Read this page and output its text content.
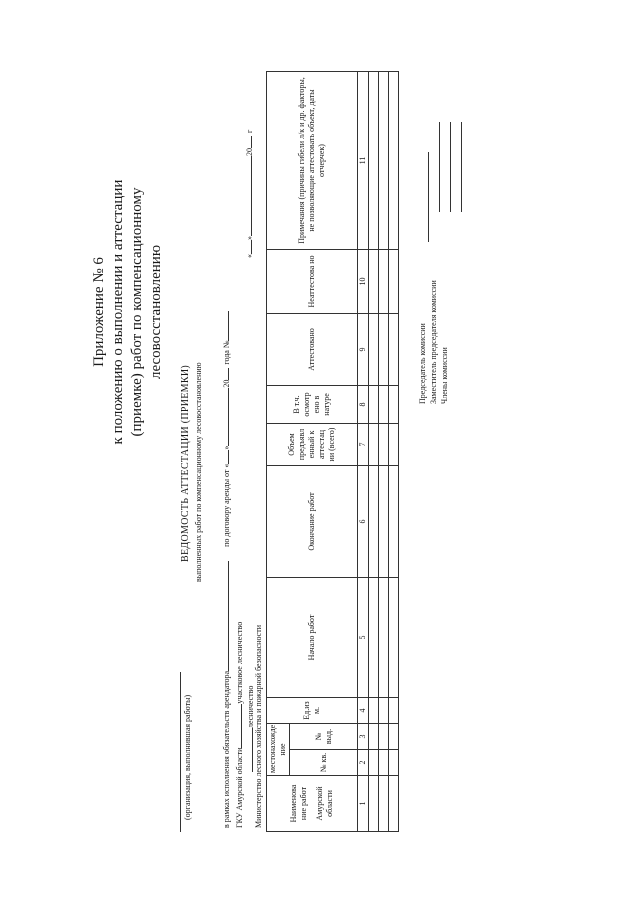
Приложение № 6 к положению о выполнении и аттестации (приемке) работ по компенсационному лесовосстановлению
(организация, выполнившая работы)
ВЕДОМОСТЬ АТТЕСТАЦИИ (ПРИЕМКИ) выполненных работ по компенсационному лесовосстановлению
в рамках исполнения обязательств арендаторапо договору аренды от «»20года №
«»20г
ГКУ Амурской областиучастковое лесничество
лесничество Министерство лесного хозяйства и пожарной безопасности	Наименова ние работ Амурской области	местонахожде ние		Ед.из м.	Начало работ	Окончание работ	Объем предъявл енный к аттестац ии (всего)	В т.ч. осмотр ено в натуре	Аттестовано	Неаттестова но	Примечания (причины гибели л/к и др. факторы, не позволяющие аттестовать объект, даты отчерчек)
	№ кв.	№ выд.								
1	2	3	4	5	6	7	8	9	10	11

Председатель комиссии Заместитель председателя комиссии Члены комиссии
